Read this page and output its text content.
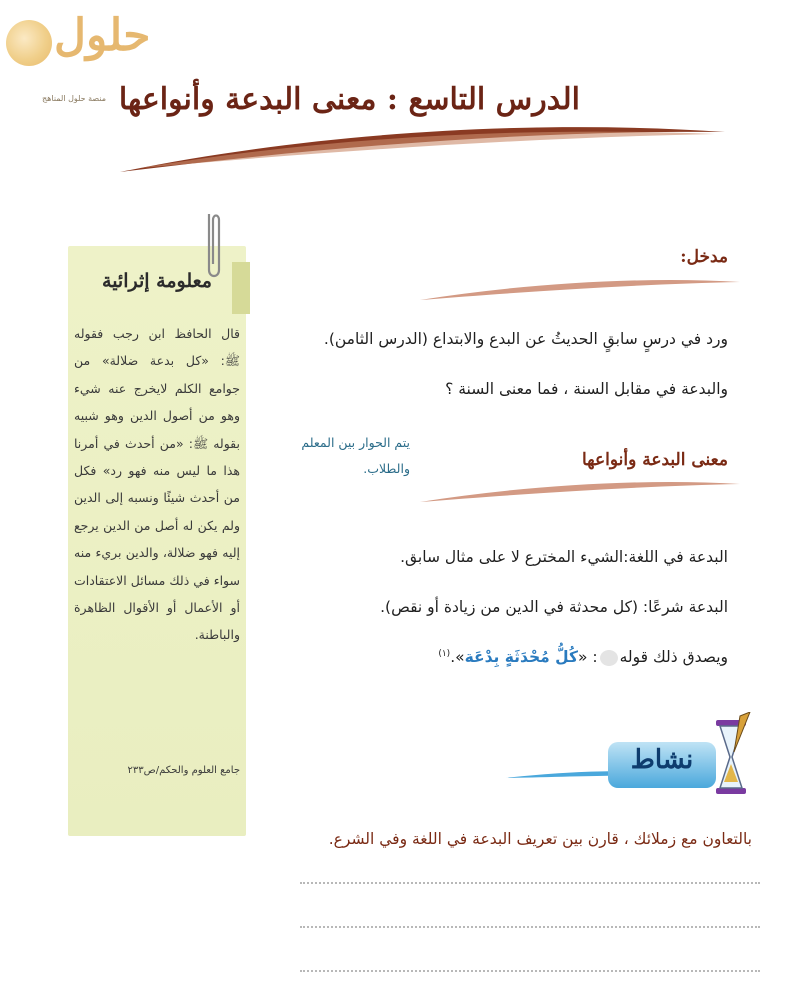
حلول
منصة حلول المناهج الدرس التاسع : معنى البدعة وأنواعها
معلومة إثرائية
قال الحافظ ابن رجب فقوله ﷺ: «كل بدعة ضلالة» من جوامع الكلم لايخرج عنه شيء وهو من أصول الدين وهو شبيه بقوله ﷺ: «من أحدث في أمرنا هذا ما ليس منه فهو رد» فكل من أحدث شيئًا ونسبه إلى الدين ولم يكن له أصل من الدين يرجع إليه فهو ضلالة، والدين بريء منه سواء في ذلك مسائل الاعتقادات أو الأعمال أو الأقوال الظاهرة والباطنة.
جامع العلوم والحكم/ص٢٣٣
مدخل:
ورد في درسٍ سابقٍ الحديثُ عن البدع والابتداع (الدرس الثامن).
والبدعة في مقابل السنة ، فما معنى السنة ؟
يتم الحوار بين المعلم والطلاب.	معنى البدعة وأنواعها
البدعة في اللغة:الشيء المخترع لا على مثال سابق.
البدعة شرعًا: (كل محدثة في الدين من زيادة أو نقص).
ويصدق ذلك قوله: «كُلُّ مُحْدَثَةٍ بِدْعَة».$^{(١)}$
نشاط
بالتعاون مع زملائك ، قارن بين تعريف البدعة في اللغة وفي الشرع.
